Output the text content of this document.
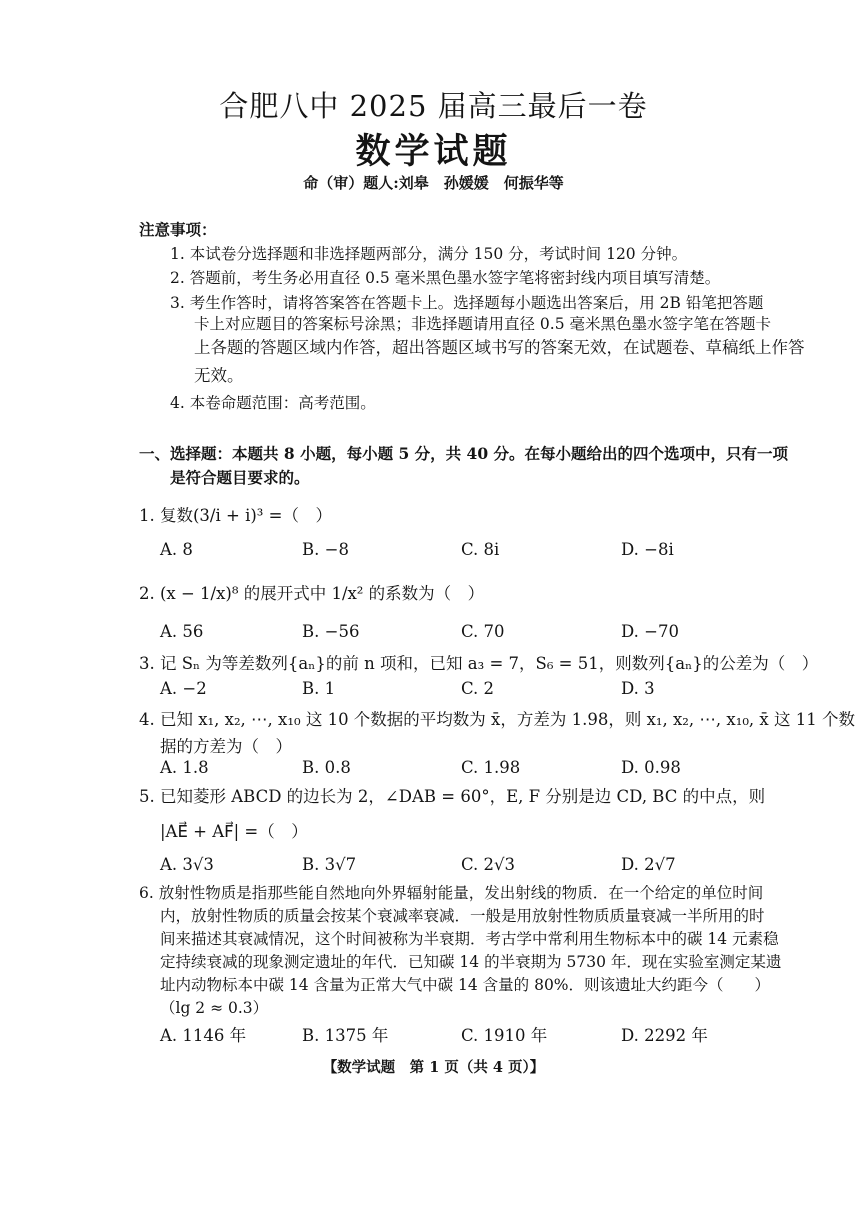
合肥八中 2025 届高三最后一卷
数学试题
命（审）题人:刘皋　孙媛媛　何振华等
注意事项：
1. 本试卷分选择题和非选择题两部分，满分 150 分，考试时间 120 分钟。
2. 答题前，考生务必用直径 0.5 毫米黑色墨水签字笔将密封线内项目填写清楚。
3. 考生作答时，请将答案答在答题卡上。选择题每小题选出答案后，用 2B 铅笔把答题
卡上对应题目的答案标号涂黑；非选择题请用直径 0.5 毫米黑色墨水签字笔在答题卡
上各题的答题区域内作答，超出答题区域书写的答案无效，在试题卷、草稿纸上作答
无效。
4. 本卷命题范围：高考范围。
一、选择题：本题共 8 小题，每小题 5 分，共 40 分。在每小题给出的四个选项中，只有一项
是符合题目要求的。
1. 复数(3/i + i)³ =（　）
A. 8	B. −8	C. 8i	D. −8i
2. (x − 1/x)⁸ 的展开式中 1/x² 的系数为（　）
A. 56	B. −56	C. 70	D. −70
3. 记 Sₙ 为等差数列{aₙ}的前 n 项和，已知 a₃ = 7，S₆ = 51，则数列{aₙ}的公差为（　）
A. −2	B. 1	C. 2	D. 3
4. 已知 x₁, x₂, ⋯, x₁₀ 这 10 个数据的平均数为 x̄，方差为 1.98，则 x₁, x₂, ⋯, x₁₀, x̄ 这 11 个数
据的方差为（　）
A. 1.8	B. 0.8	C. 1.98	D. 0.98
5. 已知菱形 ABCD 的边长为 2，∠DAB = 60°，E, F 分别是边 CD, BC 的中点，则
|AE⃗ + AF⃗| =（　）
A. 3√3	B. 3√7	C. 2√3	D. 2√7
6. 放射性物质是指那些能自然地向外界辐射能量，发出射线的物质．在一个给定的单位时间
内，放射性物质的质量会按某个衰减率衰减．一般是用放射性物质质量衰减一半所用的时
间来描述其衰减情况，这个时间被称为半衰期．考古学中常利用生物标本中的碳 14 元素稳
定持续衰减的现象测定遗址的年代．已知碳 14 的半衰期为 5730 年．现在实验室测定某遗
址内动物标本中碳 14 含量为正常大气中碳 14 含量的 80%．则该遗址大约距今（　　）
（lg 2 ≈ 0.3）
A. 1146 年	B. 1375 年	C. 1910 年	D. 2292 年
【数学试题　第 1 页（共 4 页）】
